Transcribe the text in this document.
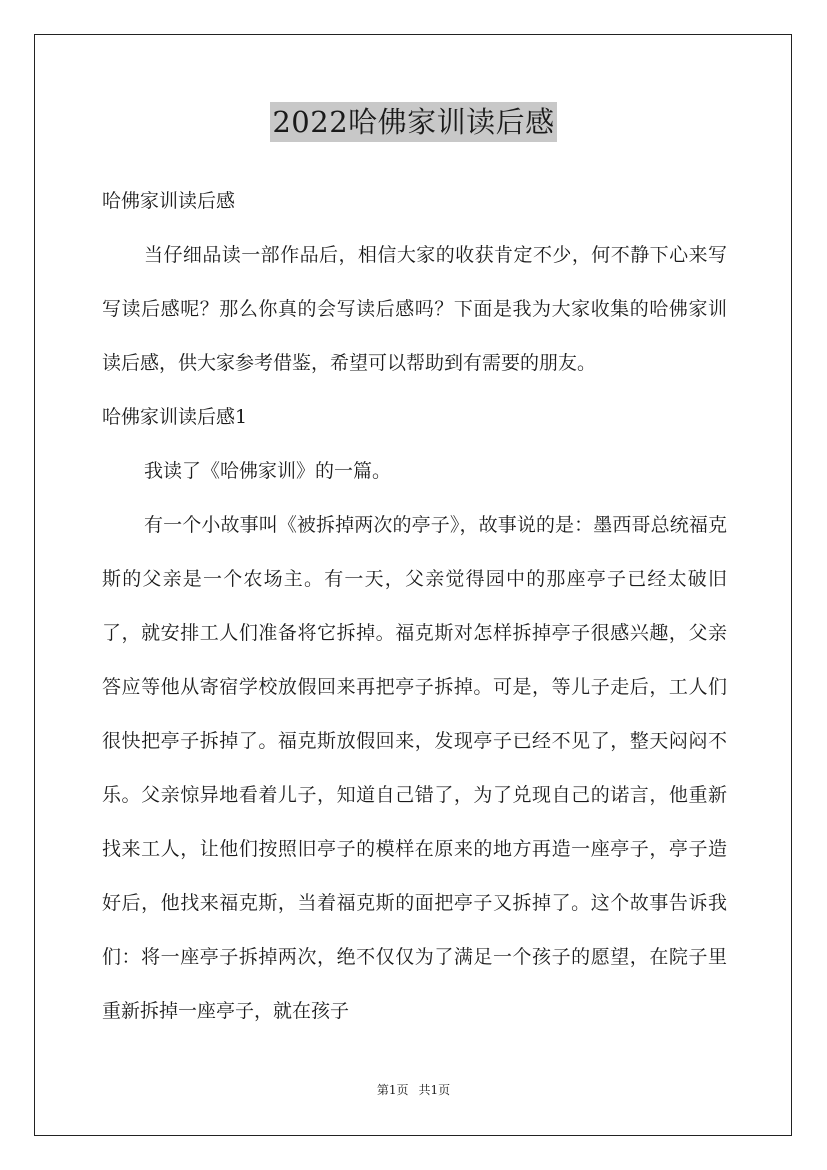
2022哈佛家训读后感

哈佛家训读后感

当仔细品读一部作品后，相信大家的收获肯定不少，何不静下心来写写读后感呢？那么你真的会写读后感吗？下面是我为大家收集的哈佛家训读后感，供大家参考借鉴，希望可以帮助到有需要的朋友。

哈佛家训读后感1

我读了《哈佛家训》的一篇。

有一个小故事叫《被拆掉两次的亭子》，故事说的是：墨西哥总统福克斯的父亲是一个农场主。有一天，父亲觉得园中的那座亭子已经太破旧了，就安排工人们准备将它拆掉。福克斯对怎样拆掉亭子很感兴趣，父亲答应等他从寄宿学校放假回来再把亭子拆掉。可是，等儿子走后，工人们很快把亭子拆掉了。福克斯放假回来，发现亭子已经不见了，整天闷闷不乐。父亲惊异地看着儿子，知道自己错了，为了兑现自己的诺言，他重新找来工人，让他们按照旧亭子的模样在原来的地方再造一座亭子，亭子造好后，他找来福克斯，当着福克斯的面把亭子又拆掉了。这个故事告诉我们：将一座亭子拆掉两次，绝不仅仅为了满足一个孩子的愿望，在院子里重新拆掉一座亭子，就在孩子

第1页 共1页
